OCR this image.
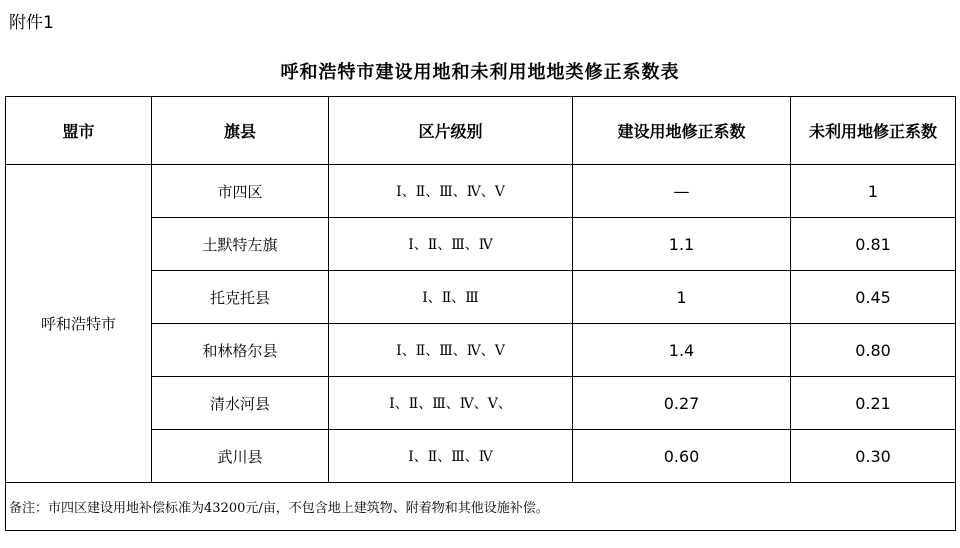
附件1
呼和浩特市建设用地和未利用地地类修正系数表
盟市	旗县	区片级别	建设用地修正系数	未利用地修正系数
呼和浩特市	市四区	Ⅰ、Ⅱ、Ⅲ、Ⅳ、Ⅴ	—	1
	土默特左旗	Ⅰ、Ⅱ、Ⅲ、Ⅳ	1.1	0.81
	托克托县	Ⅰ、Ⅱ、Ⅲ	1	0.45
	和林格尔县	Ⅰ、Ⅱ、Ⅲ、Ⅳ、Ⅴ	1.4	0.80
	清水河县	Ⅰ、Ⅱ、Ⅲ、Ⅳ、Ⅴ、	0.27	0.21
	武川县	Ⅰ、Ⅱ、Ⅲ、Ⅳ	0.60	0.30
备注：市四区建设用地补偿标准为43200元/亩，不包含地上建筑物、附着物和其他设施补偿。				
